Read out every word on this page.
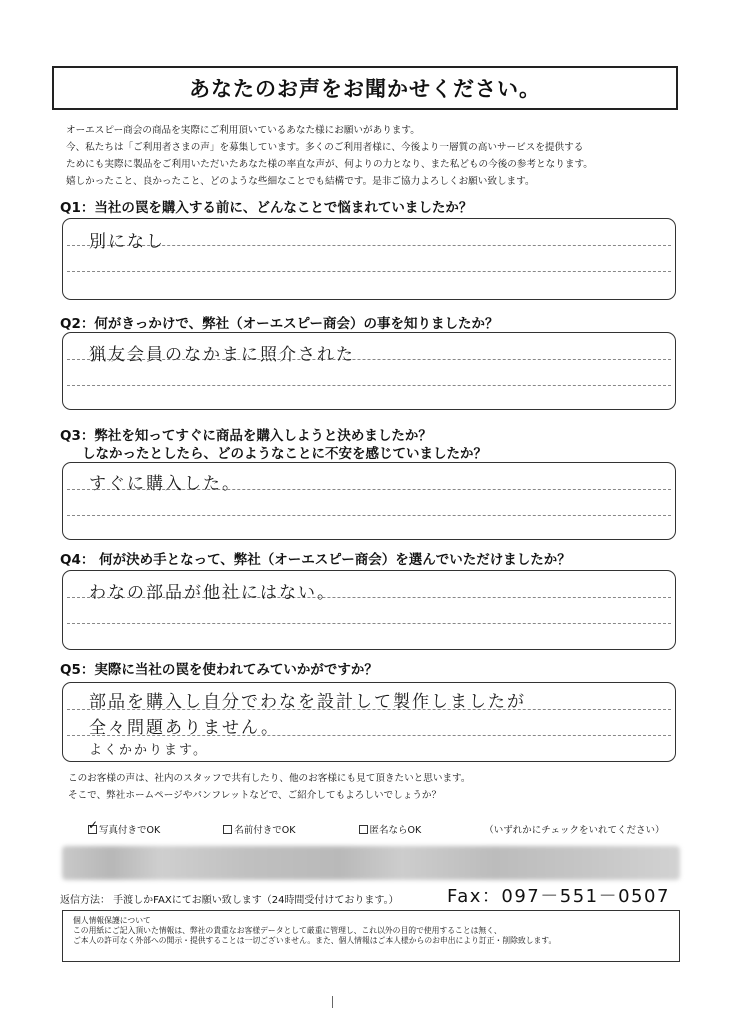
あなたのお声をお聞かせください。
オーエスピー商会の商品を実際にご利用頂いているあなた様にお願いがあります。
今、私たちは「ご利用者さまの声」を募集しています。多くのご利用者様に、今後より一層質の高いサービスを提供する
ためにも実際に製品をご利用いただいたあなた様の率直な声が、何よりの力となり、また私どもの今後の参考となります。
嬉しかったこと、良かったこと、どのような些細なことでも結構です。是非ご協力よろしくお願い致します。
Q1：当社の罠を購入する前に、どんなことで悩まれていましたか？
別になし
Q2：何がきっかけで、弊社（オーエスピー商会）の事を知りましたか？
猟友会員のなかまに照介された
Q3：弊社を知ってすぐに商品を購入しようと決めましたか？
しなかったとしたら、どのようなことに不安を感じていましたか？
すぐに購入した。
Q4： 何が決め手となって、弊社（オーエスピー商会）を選んでいただけましたか？
わなの部品が他社にはない。
Q5：実際に当社の罠を使われてみていかがですか？
部品を購入し自分でわなを設計して製作しましたが
全々問題ありません。
よくかかります。
このお客様の声は、社内のスタッフで共有したり、他のお客様にも見て頂きたいと思います。
そこで、弊社ホームページやパンフレットなどで、ご紹介してもよろしいでしょうか？
✓ 写真付きでOK	名前付きでOK	匿名ならOK	（いずれかにチェックをいれてください）
返信方法： 手渡しかFAXにてお願い致します（24時間受付けております。）	Fax：097－551－0507
個人情報保護について
この用紙にご記入頂いた情報は、弊社の貴重なお客様データとして厳重に管理し、これ以外の目的で使用することは無く、
ご本人の許可なく外部への開示・提供することは一切ございません。また、個人情報はご本人様からのお申出により訂正・削除致します。
